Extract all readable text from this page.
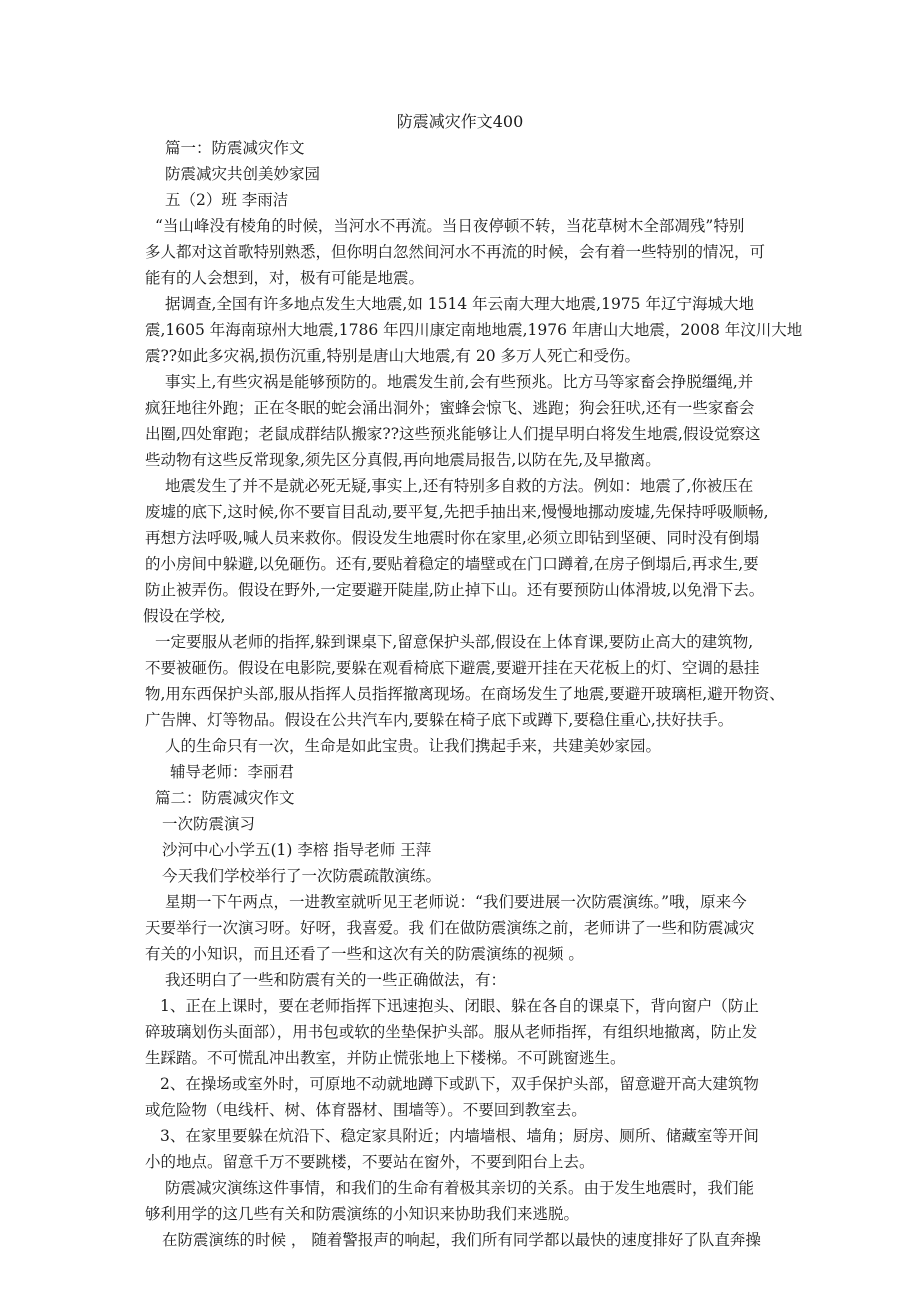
防震减灾作文400
篇一：防震减灾作文
防震减灾共创美妙家园
五（2）班 李雨洁
“当山峰没有棱角的时候，当河水不再流。当日夜停顿不转，当花草树木全部凋残”特别
多人都对这首歌特别熟悉，但你明白忽然间河水不再流的时候，会有着一些特别的情况，可
能有的人会想到，对，极有可能是地震。
据调查,全国有许多地点发生大地震,如 1514 年云南大理大地震,1975 年辽宁海城大地
震,1605 年海南琼州大地震,1786 年四川康定南地地震,1976 年唐山大地震，2008 年汶川大地
震??如此多灾祸,损伤沉重,特别是唐山大地震,有 20 多万人死亡和受伤。
事实上,有些灾祸是能够预防的。地震发生前,会有些预兆。比方马等家畜会挣脱缰绳,并
疯狂地往外跑；正在冬眠的蛇会涌出洞外；蜜蜂会惊飞、逃跑；狗会狂吠,还有一些家畜会
出圈,四处窜跑；老鼠成群结队搬家??这些预兆能够让人们提早明白将发生地震,假设觉察这
些动物有这些反常现象,须先区分真假,再向地震局报告,以防在先,及早撤离。
地震发生了并不是就必死无疑,事实上,还有特别多自救的方法。例如：地震了,你被压在
废墟的底下,这时候,你不要盲目乱动,要平复,先把手抽出来,慢慢地挪动废墟,先保持呼吸顺畅,
再想方法呼吸,喊人员来救你。假设发生地震时你在家里,必须立即钻到坚硬、同时没有倒塌
的小房间中躲避,以免砸伤。还有,要贴着稳定的墙壁或在门口蹲着,在房子倒塌后,再求生,要
防止被弄伤。假设在野外,一定要避开陡崖,防止掉下山。还有要预防山体滑坡,以免滑下去。
假设在学校,
一定要服从老师的指挥,躲到课桌下,留意保护头部,假设在上体育课,要防止高大的建筑物,
不要被砸伤。假设在电影院,要躲在观看椅底下避震,要避开挂在天花板上的灯、空调的悬挂
物,用东西保护头部,服从指挥人员指挥撤离现场。在商场发生了地震,要避开玻璃柜,避开物资、
广告牌、灯等物品。假设在公共汽车内,要躲在椅子底下或蹲下,要稳住重心,扶好扶手。
人的生命只有一次，生命是如此宝贵。让我们携起手来，共建美妙家园。
辅导老师：李丽君
篇二：防震减灾作文
一次防震演习
沙河中心小学五(1) 李榕 指导老师 王萍
今天我们学校举行了一次防震疏散演练。
星期一下午两点，一进教室就听见王老师说：“我们要进展一次防震演练。”哦，原来今
天要举行一次演习呀。好呀，我喜爱。我 们在做防震演练之前，老师讲了一些和防震减灾
有关的小知识，而且还看了一些和这次有关的防震演练的视频 。
我还明白了一些和防震有关的一些正确做法，有：
1、正在上课时，要在老师指挥下迅速抱头、闭眼、躲在各自的课桌下，背向窗户（防止
碎玻璃划伤头面部），用书包或软的坐垫保护头部。服从老师指挥，有组织地撤离，防止发
生踩踏。不可慌乱冲出教室，并防止慌张地上下楼梯。不可跳窗逃生。
2、在操场或室外时，可原地不动就地蹲下或趴下，双手保护头部，留意避开高大建筑物
或危险物（电线杆、树、体育器材、围墙等）。不要回到教室去。
3、在家里要躲在炕沿下、稳定家具附近；内墙墙根、墙角；厨房、厕所、储藏室等开间
小的地点。留意千万不要跳楼，不要站在窗外，不要到阳台上去。
防震减灾演练这件事情，和我们的生命有着极其亲切的关系。由于发生地震时，我们能
够利用学的这几些有关和防震演练的小知识来协助我们来逃脱。
在防震演练的时候 ， 随着警报声的响起，我们所有同学都以最快的速度排好了队直奔操
